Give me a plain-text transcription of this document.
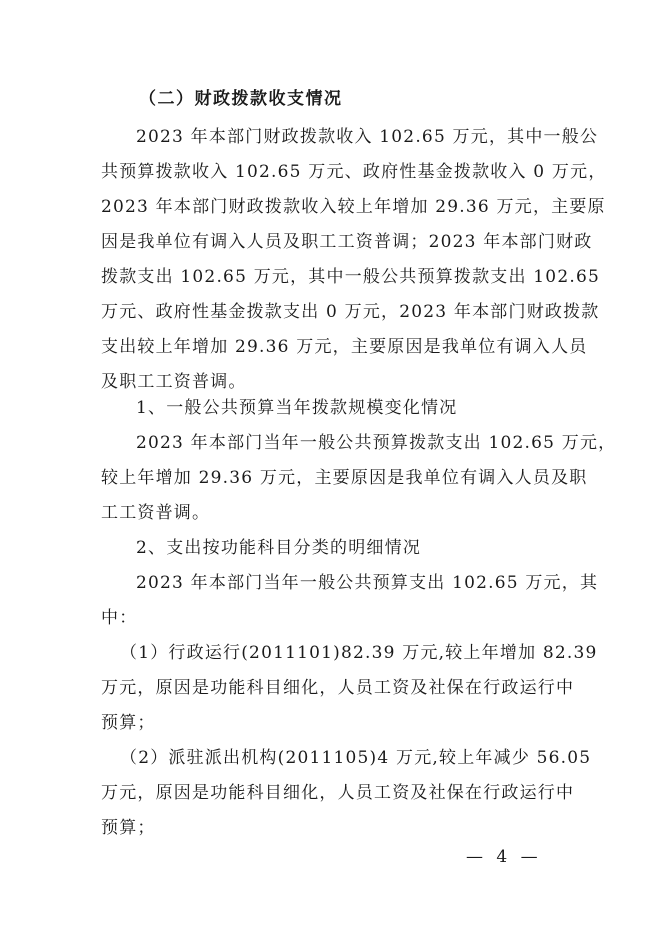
（二）财政拨款收支情况
2023 年本部门财政拨款收入 102.65 万元，其中一般公
共预算拨款收入 102.65 万元、政府性基金拨款收入 0 万元，
2023 年本部门财政拨款收入较上年增加 29.36 万元，主要原
因是我单位有调入人员及职工工资普调；2023 年本部门财政
拨款支出 102.65 万元，其中一般公共预算拨款支出 102.65
万元、政府性基金拨款支出 0 万元，2023 年本部门财政拨款
支出较上年增加 29.36 万元，主要原因是我单位有调入人员
及职工工资普调。
1、一般公共预算当年拨款规模变化情况
2023 年本部门当年一般公共预算拨款支出 102.65 万元，
较上年增加 29.36 万元，主要原因是我单位有调入人员及职
工工资普调。
2、支出按功能科目分类的明细情况
2023 年本部门当年一般公共预算支出 102.65 万元，其
中：
（1）行政运行(2011101)82.39 万元,较上年增加 82.39
万元，原因是功能科目细化，人员工资及社保在行政运行中
预算；
（2）派驻派出机构(2011105)4 万元,较上年减少 56.05
万元，原因是功能科目细化，人员工资及社保在行政运行中
预算；
— 4 —
